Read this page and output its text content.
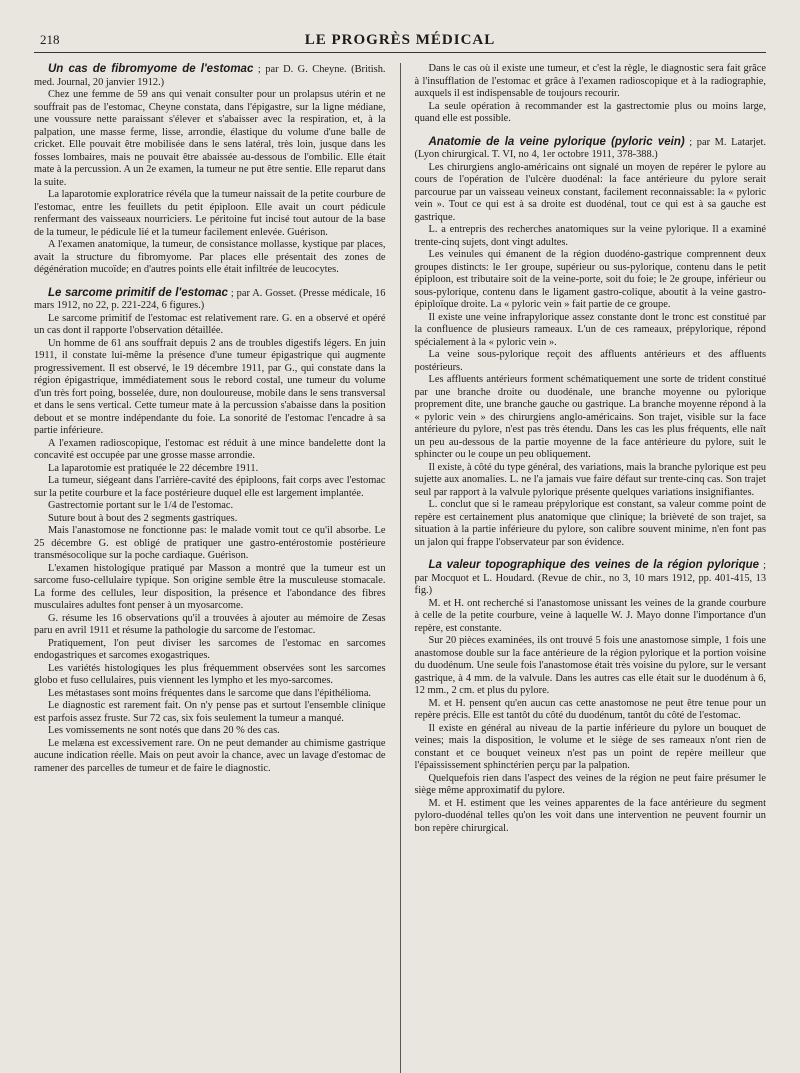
218	LE PROGRÈS MÉDICAL

Un cas de fibromyome de l'estomac ; par D. G. Cheyne. (British. med. Journal, 20 janvier 1912.)

Chez une femme de 59 ans qui venait consulter pour un prolapsus utérin et ne souffrait pas de l'estomac, Cheyne constata, dans l'épigastre, sur la ligne médiane, une voussure nette paraissant s'élever et s'abaisser avec la respiration, et, à la palpation, une masse ferme, lisse, arrondie, élastique du volume d'une balle de cricket. Elle pouvait être mobilisée dans le sens latéral, très loin, jusque dans les fosses lombaires, mais ne pouvait être abaissée au-dessous de l'ombilic. Elle était mate à la percussion. A un 2e examen, la tumeur ne put être sentie. Elle reparut dans la suite.

La laparotomie exploratrice révéla que la tumeur naissait de la petite courbure de l'estomac, entre les feuillets du petit épiploon. Elle avait un court pédicule renfermant des vaisseaux nourriciers. Le péritoine fut incisé tout autour de la base de la tumeur, le pédicule lié et la tumeur facilement enlevée. Guérison.

A l'examen anatomique, la tumeur, de consistance mollasse, kystique par places, avait la structure du fibromyome. Par places elle présentait des zones de dégénération mucoïde; en d'autres points elle était infiltrée de leucocytes.

Le sarcome primitif de l'estomac ; par A. Gosset. (Presse médicale, 16 mars 1912, no 22, p. 221-224, 6 figures.)

Le sarcome primitif de l'estomac est relativement rare. G. en a observé et opéré un cas dont il rapporte l'observation détaillée.

Un homme de 61 ans souffrait depuis 2 ans de troubles digestifs légers. En juin 1911, il constate lui-même la présence d'une tumeur épigastrique qui augmente progressivement. Il est observé, le 19 décembre 1911, par G., qui constate dans la région épigastrique, immédiatement sous le rebord costal, une tumeur du volume d'un très fort poing, bosselée, dure, non douloureuse, mobile dans le sens transversal et dans le sens vertical. Cette tumeur mate à la percussion s'abaisse dans la position debout et se montre indépendante du foie. La sonorité de l'estomac l'encadre à sa partie inférieure.

A l'examen radioscopique, l'estomac est réduit à une mince bandelette dont la concavité est occupée par une grosse masse arrondie.

La laparotomie est pratiquée le 22 décembre 1911.

La tumeur, siégeant dans l'arrière-cavité des épiploons, fait corps avec l'estomac sur la petite courbure et la face postérieure duquel elle est largement implantée.

Gastrectomie portant sur le 1/4 de l'estomac.

Suture bout à bout des 2 segments gastriques.

Mais l'anastomose ne fonctionne pas: le malade vomit tout ce qu'il absorbe. Le 25 décembre G. est obligé de pratiquer une gastro-entérostomie postérieure transmésocolique sur la poche cardiaque. Guérison.

L'examen histologique pratiqué par Masson a montré que la tumeur est un sarcome fuso-cellulaire typique. Son origine semble être la musculeuse stomacale. La forme des cellules, leur disposition, la présence et l'abondance des fibres musculaires adultes font penser à un myosarcome.

G. résume les 16 observations qu'il a trouvées à ajouter au mémoire de Zesas paru en avril 1911 et résume la pathologie du sarcome de l'estomac.

Pratiquement, l'on peut diviser les sarcomes de l'estomac en sarcomes endogastriques et sarcomes exogastriques.

Les variétés histologiques les plus fréquemment observées sont les sarcomes globo et fuso cellulaires, puis viennent les lympho et les myo-sarcomes.

Les métastases sont moins fréquentes dans le sarcome que dans l'épithélioma.

Le diagnostic est rarement fait. On n'y pense pas et surtout l'ensemble clinique est parfois assez fruste. Sur 72 cas, six fois seulement la tumeur a manqué.

Les vomissements ne sont notés que dans 20 % des cas.

Le melæna est excessivement rare. On ne peut demander au chimisme gastrique aucune indication réelle. Mais on peut avoir la chance, avec un lavage d'estomac de ramener des parcelles de tumeur et de faire le diagnostic.

Dans le cas où il existe une tumeur, et c'est la règle, le diagnostic sera fait grâce à l'insufflation de l'estomac et grâce à l'examen radioscopique et à la radiographie, auxquels il est indispensable de toujours recourir.

La seule opération à recommander est la gastrectomie plus ou moins large, quand elle est possible.

Anatomie de la veine pylorique (pyloric vein) ; par M. Latarjet. (Lyon chirurgical. T. VI, no 4, 1er octobre 1911, 378-388.)

Les chirurgiens anglo-américains ont signalé un moyen de repérer le pylore au cours de l'opération de l'ulcère duodénal: la face antérieure du pylore serait parcourue par un vaisseau veineux constant, facilement reconnaissable: la « pyloric vein ». Tout ce qui est à sa droite est duodénal, tout ce qui est à sa gauche est gastrique.

L. a entrepris des recherches anatomiques sur la veine pylorique. Il a examiné trente-cinq sujets, dont vingt adultes.

Les veinules qui émanent de la région duodéno-gastrique comprennent deux groupes distincts: le 1er groupe, supérieur ou sus-pylorique, contenu dans le petit épiploon, est tributaire soit de la veine-porte, soit du foie; le 2e groupe, inférieur ou sous-pylorique, contenu dans le ligament gastro-colique, aboutit à la veine gastro-épiploïque droite. La « pyloric vein » fait partie de ce groupe.

Il existe une veine infrapylorique assez constante dont le tronc est constitué par la confluence de plusieurs rameaux. L'un de ces rameaux, prépylorique, répond spécialement à la « pyloric vein ».

La veine sous-pylorique reçoit des affluents antérieurs et des affluents postérieurs.

Les affluents antérieurs forment schématiquement une sorte de trident constitué par une branche droite ou duodénale, une branche moyenne ou pylorique proprement dite, une branche gauche ou gastrique. La branche moyenne répond à la « pyloric vein » des chirurgiens anglo-américains. Son trajet, visible sur la face antérieure du pylore, n'est pas très étendu. Dans les cas les plus fréquents, elle naît un peu au-dessous de la partie moyenne de la face antérieure du pylore, suit le sphincter ou le coupe un peu obliquement.

Il existe, à côté du type général, des variations, mais la branche pylorique est peu sujette aux anomalies. L. ne l'a jamais vue faire défaut sur trente-cinq cas. Son trajet seul par rapport à la valvule pylorique présente quelques variations insignifiantes.

L. conclut que si le rameau prépylorique est constant, sa valeur comme point de repère est certainement plus anatomique que clinique; la brièveté de son trajet, sa situation à la partie inférieure du pylore, son calibre souvent minime, n'en font pas un jalon qui frappe l'observateur par son évidence.

La valeur topographique des veines de la région pylorique ; par Mocquot et L. Houdard. (Revue de chir., no 3, 10 mars 1912, pp. 401-415, 13 fig.)

M. et H. ont recherché si l'anastomose unissant les veines de la grande courbure à celle de la petite courbure, veine à laquelle W. J. Mayo donne l'importance d'un repère, est constante.

Sur 20 pièces examinées, ils ont trouvé 5 fois une anastomose simple, 1 fois une anastomose double sur la face antérieure de la région pylorique et la portion voisine du duodénum. Une seule fois l'anastomose était très voisine du pylore, sur le versant gastrique, à 4 mm. de la valvule. Dans les autres cas elle était sur le duodénum à 6, 12 mm., 2 cm. et plus du pylore.

M. et H. pensent qu'en aucun cas cette anastomose ne peut être tenue pour un repère précis. Elle est tantôt du côté du duodénum, tantôt du côté de l'estomac.

Il existe en général au niveau de la partie inférieure du pylore un bouquet de veines; mais la disposition, le volume et le siège de ses rameaux n'ont rien de constant et ce bouquet veineux n'est pas un point de repère meilleur que l'épaississement sphinctérien perçu par la palpation.

Quelquefois rien dans l'aspect des veines de la région ne peut faire présumer le siège même approximatif du pylore.

M. et H. estiment que les veines apparentes de la face antérieure du segment pyloro-duodénal telles qu'on les voit dans une intervention ne peuvent fournir un bon repère chirurgical.
